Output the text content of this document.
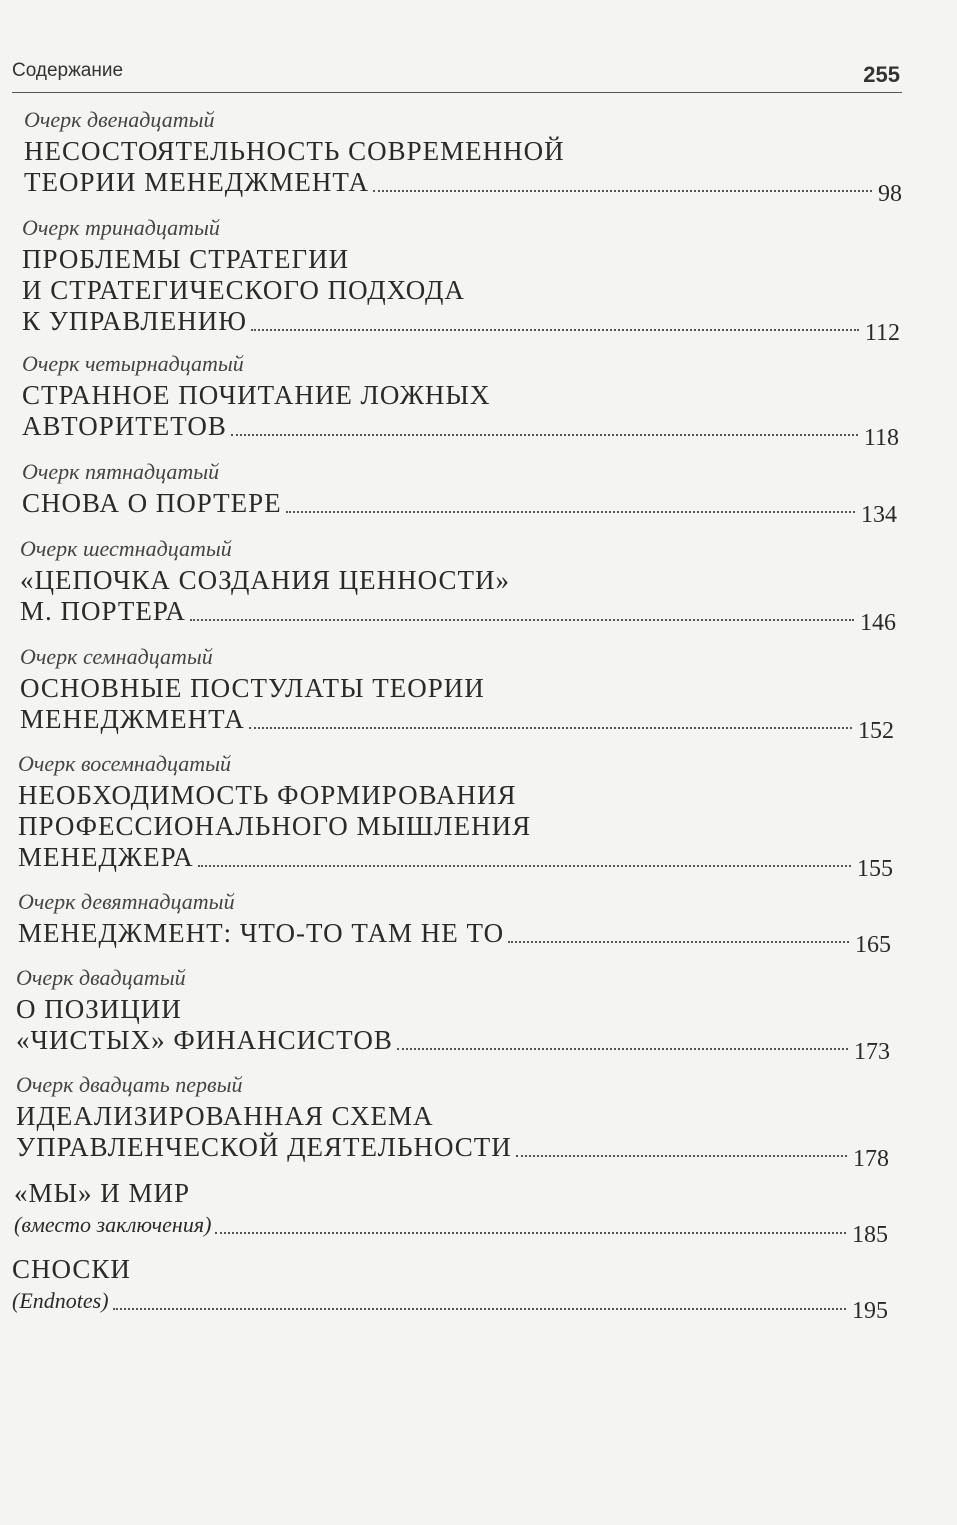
Содержание	255
Очерк двенадцатый
НЕСОСТОЯТЕЛЬНОСТЬ СОВРЕМЕННОЙ
ТЕОРИИ МЕНЕДЖМЕНТА	98
Очерк тринадцатый
ПРОБЛЕМЫ СТРАТЕГИИ
И СТРАТЕГИЧЕСКОГО ПОДХОДА
К УПРАВЛЕНИЮ	112
Очерк четырнадцатый
СТРАННОЕ ПОЧИТАНИЕ ЛОЖНЫХ
АВТОРИТЕТОВ	118
Очерк пятнадцатый
СНОВА О ПОРТЕРЕ	134
Очерк шестнадцатый
«ЦЕПОЧКА СОЗДАНИЯ ЦЕННОСТИ»
М. ПОРТЕРА	146
Очерк семнадцатый
ОСНОВНЫЕ ПОСТУЛАТЫ ТЕОРИИ
МЕНЕДЖМЕНТА	152
Очерк восемнадцатый
НЕОБХОДИМОСТЬ ФОРМИРОВАНИЯ
ПРОФЕССИОНАЛЬНОГО МЫШЛЕНИЯ
МЕНЕДЖЕРА	155
Очерк девятнадцатый
МЕНЕДЖМЕНТ: ЧТО-ТО ТАМ НЕ ТО	165
Очерк двадцатый
О ПОЗИЦИИ
«ЧИСТЫХ» ФИНАНСИСТОВ	173
Очерк двадцать первый
ИДЕАЛИЗИРОВАННАЯ СХЕМА
УПРАВЛЕНЧЕСКОЙ ДЕЯТЕЛЬНОСТИ	178
«МЫ» И МИР
(вместо заключения)	185
СНОСКИ
(Endnotes)	195
